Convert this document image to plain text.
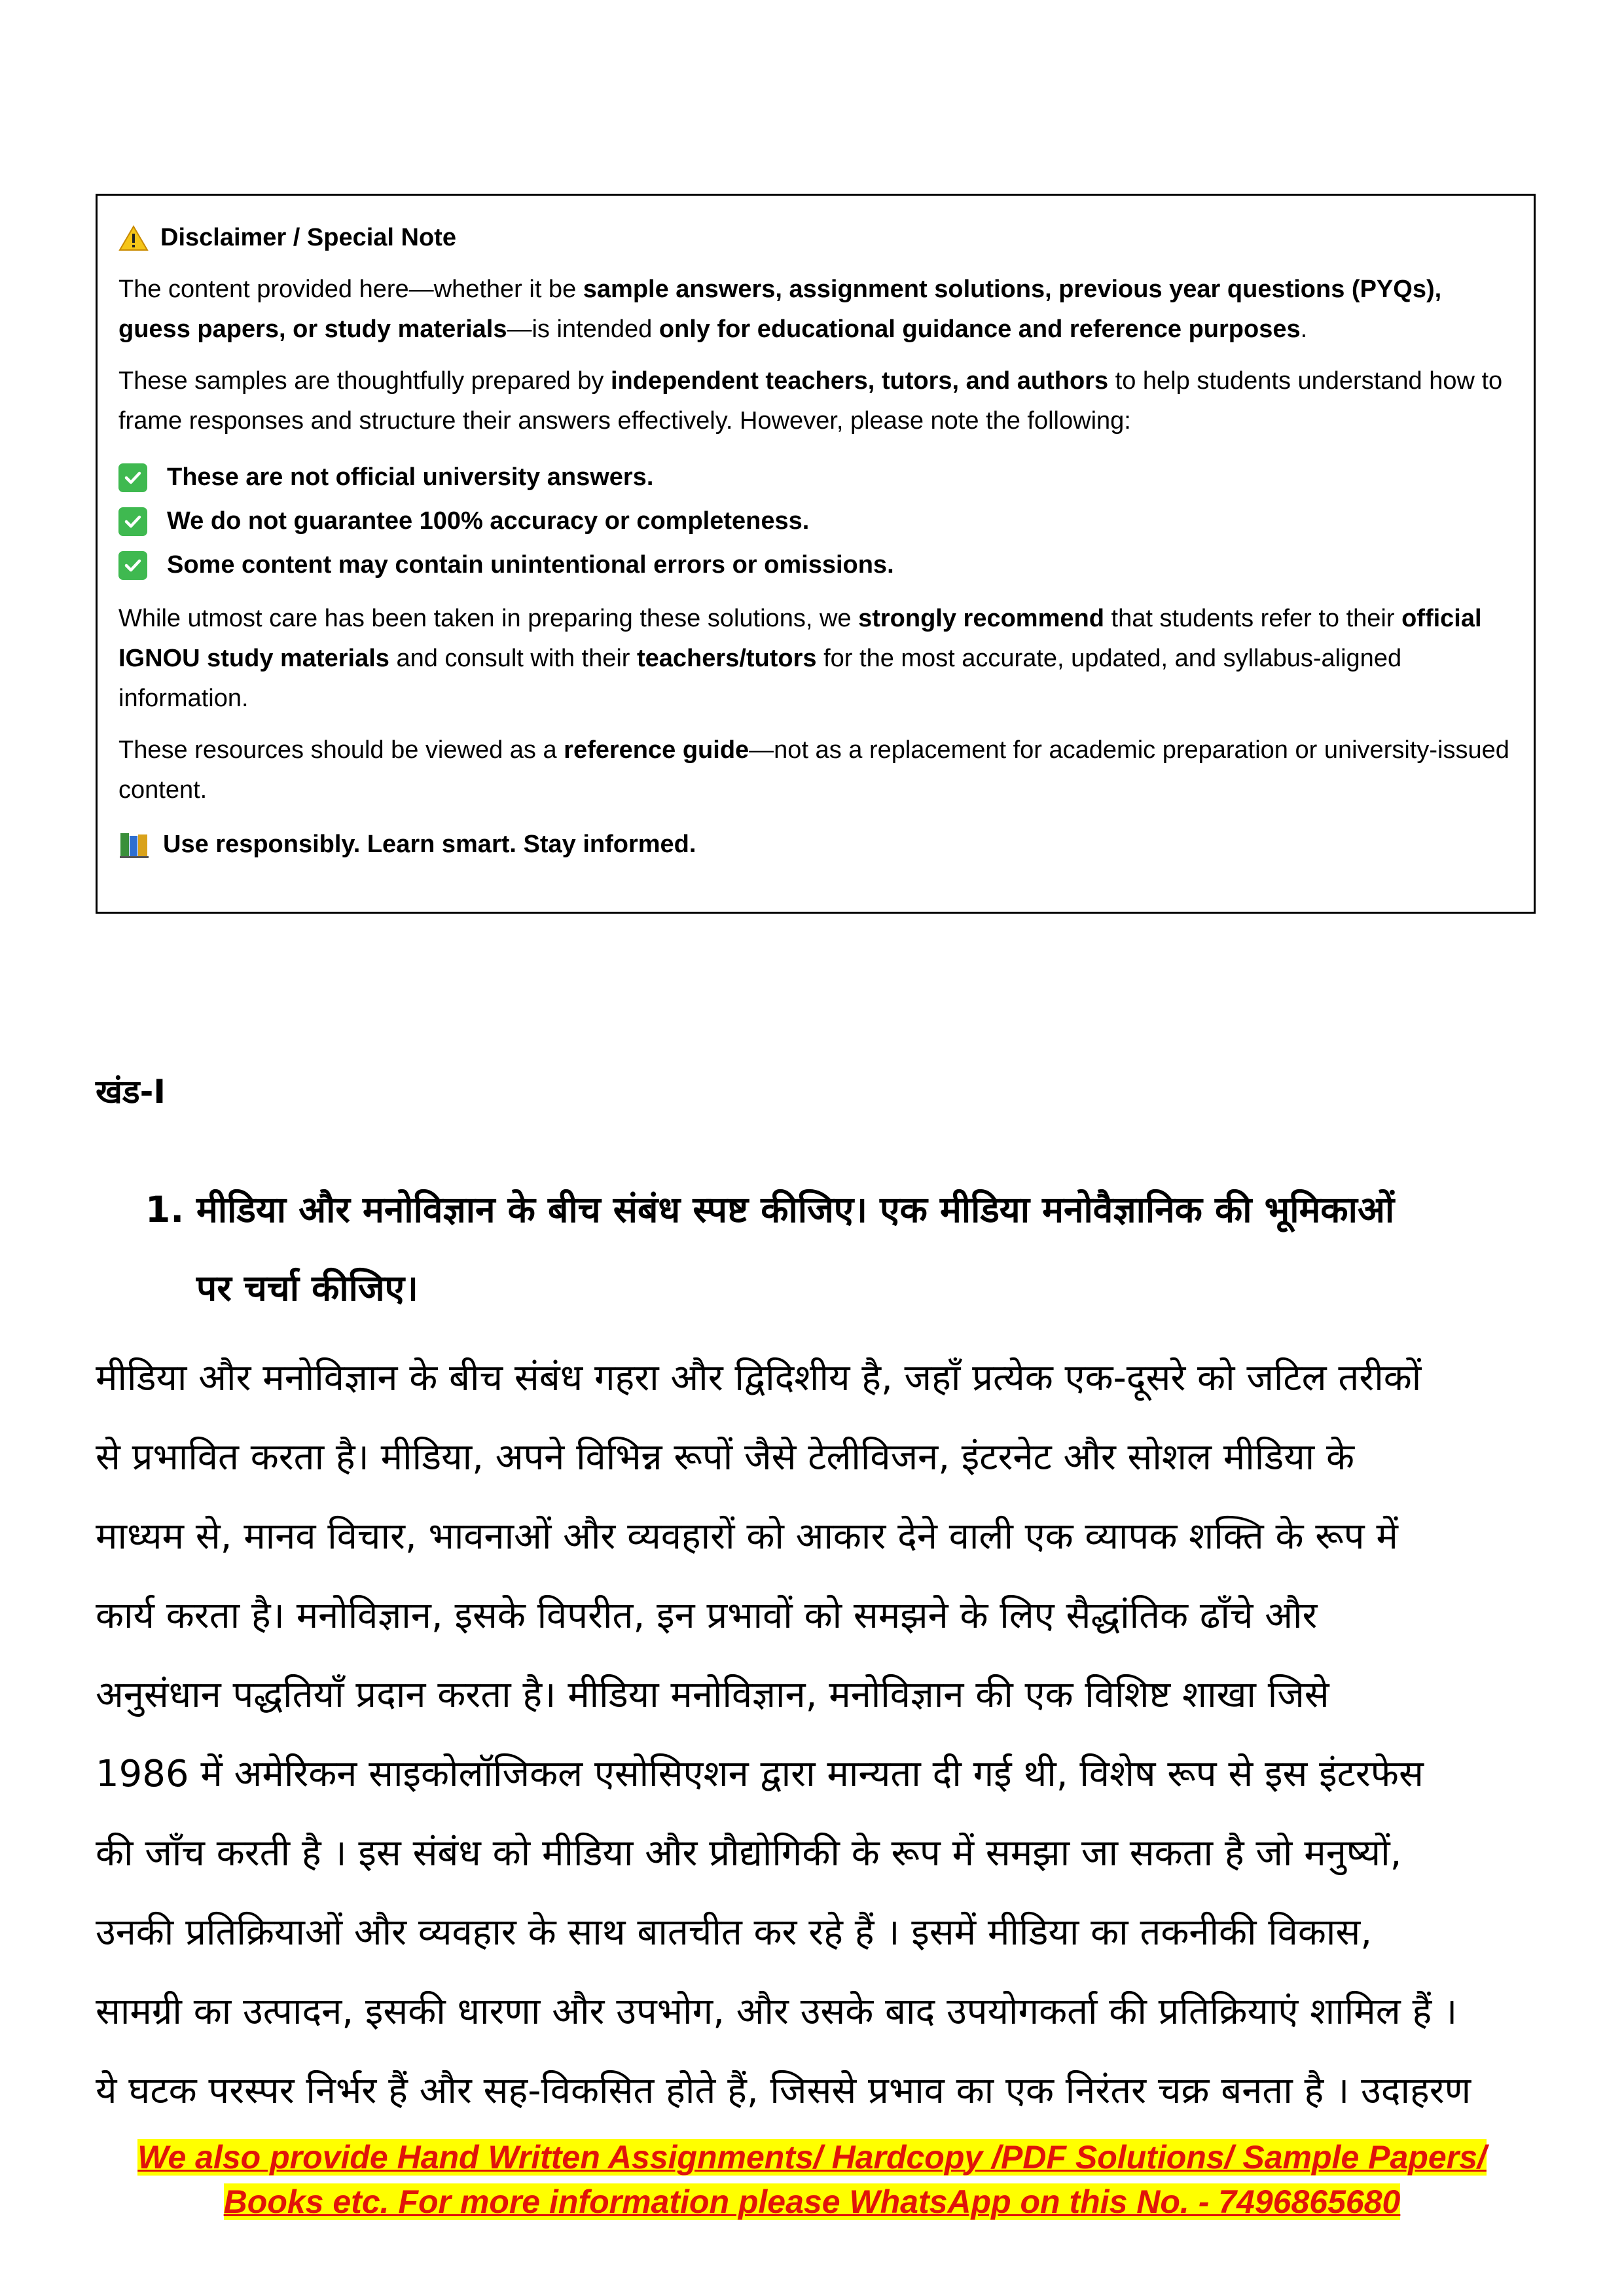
Disclaimer / Special Note

The content provided here—whether it be sample answers, assignment solutions, previous year questions (PYQs), guess papers, or study materials—is intended only for educational guidance and reference purposes.

These samples are thoughtfully prepared by independent teachers, tutors, and authors to help students understand how to frame responses and structure their answers effectively. However, please note the following:

These are not official university answers.
We do not guarantee 100% accuracy or completeness.
Some content may contain unintentional errors or omissions.

While utmost care has been taken in preparing these solutions, we strongly recommend that students refer to their official IGNOU study materials and consult with their teachers/tutors for the most accurate, updated, and syllabus-aligned information.

These resources should be viewed as a reference guide—not as a replacement for academic preparation or university-issued content.

Use responsibly. Learn smart. Stay informed.
खंड-I
1. मीडिया और मनोविज्ञान के बीच संबंध स्पष्ट कीजिए। एक मीडिया मनोवैज्ञानिक की भूमिकाओं
पर चर्चा कीजिए।
मीडिया और मनोविज्ञान के बीच संबंध गहरा और द्विदिशीय है, जहाँ प्रत्येक एक-दूसरे को जटिल तरीकों
से प्रभावित करता है। मीडिया, अपने विभिन्न रूपों जैसे टेलीविजन, इंटरनेट और सोशल मीडिया के
माध्यम से, मानव विचार, भावनाओं और व्यवहारों को आकार देने वाली एक व्यापक शक्ति के रूप में
कार्य करता है। मनोविज्ञान, इसके विपरीत, इन प्रभावों को समझने के लिए सैद्धांतिक ढाँचे और
अनुसंधान पद्धतियाँ प्रदान करता है। मीडिया मनोविज्ञान, मनोविज्ञान की एक विशिष्ट शाखा जिसे
1986 में अमेरिकन साइकोलॉजिकल एसोसिएशन द्वारा मान्यता दी गई थी, विशेष रूप से इस इंटरफेस
की जाँच करती है । इस संबंध को मीडिया और प्रौद्योगिकी के रूप में समझा जा सकता है जो मनुष्यों,
उनकी प्रतिक्रियाओं और व्यवहार के साथ बातचीत कर रहे हैं । इसमें मीडिया का तकनीकी विकास,
सामग्री का उत्पादन, इसकी धारणा और उपभोग, और उसके बाद उपयोगकर्ता की प्रतिक्रियाएं शामिल हैं ।
ये घटक परस्पर निर्भर हैं और सह-विकसित होते हैं, जिससे प्रभाव का एक निरंतर चक्र बनता है । उदाहरण
We also provide Hand Written Assignments/ Hardcopy /PDF Solutions/ Sample Papers/
Books etc. For more information please WhatsApp on this No. - 7496865680
